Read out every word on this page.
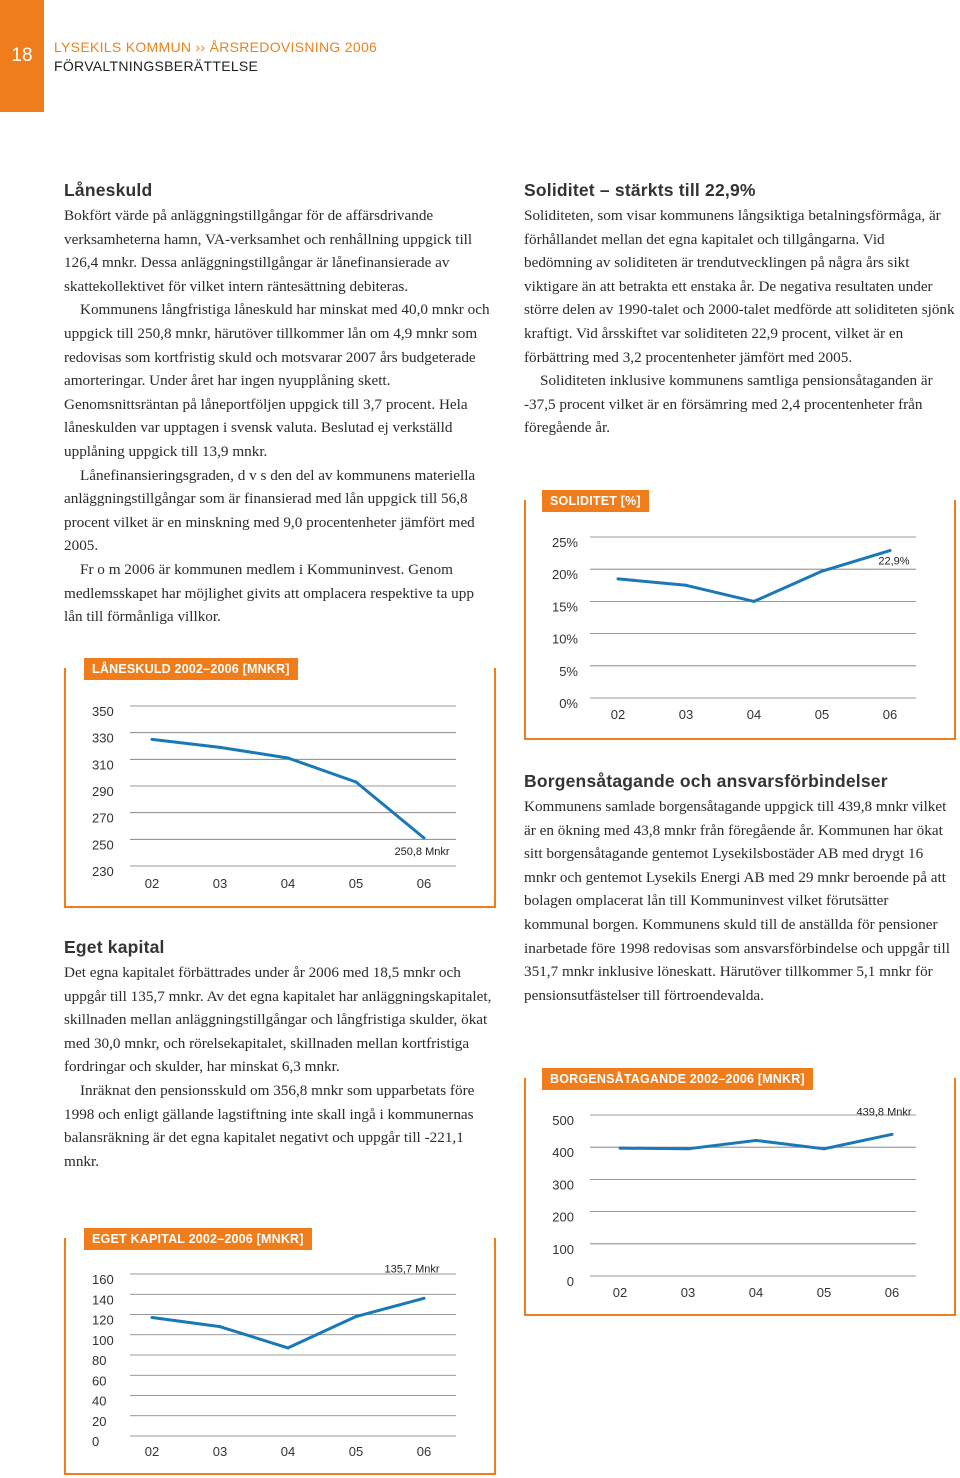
18	LYSEKILS KOMMUN ›› ÅRSREDOVISNING 2006
FÖRVALTNINGSBERÄTTELSE
Låneskuld

Bokfört värde på anläggningstillgångar för de affärsdrivande verksamheterna hamn, VA-verksamhet och renhållning uppgick till 126,4 mnkr. Dessa anläggningstillgångar är lånefinansierade av skattekollektivet för vilket intern räntesättning debiteras.

Kommunens långfristiga låneskuld har minskat med 40,0 mnkr och uppgick till 250,8 mnkr, härutöver tillkommer lån om 4,9 mnkr som redovisas som kortfristig skuld och motsvarar 2007 års budgeterade amorteringar. Under året har ingen nyupplåning skett. Genomsnittsräntan på låneportföljen uppgick till 3,7 procent. Hela låneskulden var upptagen i svensk valuta. Beslutad ej verkställd upplåning uppgick till 13,9 mnkr.

Lånefinansieringsgraden, d v s den del av kommunens materiella anläggningstillgångar som är finansierad med lån uppgick till 56,8 procent vilket är en minskning med 9,0 procentenheter jämfört med 2005.

Fr o m 2006 är kommunen medlem i Kommuninvest. Genom medlemsskapet har möjlighet givits att omplacera respektive ta upp lån till förmånliga villkor.

350
330
310
290
270
250
230
02	03	04	05	06
250,8 Mnkr
LÅNESKULD 2002–2006 [MNKR]
Eget kapital

Det egna kapitalet förbättrades under år 2006 med 18,5 mnkr och uppgår till 135,7 mnkr. Av det egna kapitalet har anläggningskapitalet, skillnaden mellan anläggningstillgångar och långfristiga skulder, ökat med 30,0 mnkr, och rörelsekapitalet, skillnaden mellan kortfristiga fordringar och skulder, har minskat 6,3 mnkr.

Inräknat den pensionsskuld om 356,8 mnkr som upparbetats före 1998 och enligt gällande lagstiftning inte skall ingå i kommunernas balansräkning är det egna kapitalet negativt och uppgår till -221,1 mnkr.

160
140
120
100
80
60
40
20
0
02	03	04	05	06
135,7 Mnkr
EGET KAPITAL 2002–2006 [MNKR]
Soliditet – stärkts till 22,9%

Soliditeten, som visar kommunens långsiktiga betalningsförmåga, är förhållandet mellan det egna kapitalet och tillgångarna. Vid bedömning av soliditeten är trendutvecklingen på några års sikt viktigare än att betrakta ett enstaka år. De negativa resultaten under större delen av 1990-talet och 2000-talet medförde att soliditeten sjönk kraftigt. Vid årsskiftet var soliditeten 22,9 procent, vilket är en förbättring med 3,2 procentenheter jämfört med 2005.

Soliditeten inklusive kommunens samtliga pensionsåtaganden är -37,5 procent vilket är en försämring med 2,4 procentenheter från föregående år.

25%
20%
15%
10%
5%
0%
02	03	04	05	06
22,9%
SOLIDITET [%]
Borgensåtagande och ansvarsförbindelser

Kommunens samlade borgensåtagande uppgick till 439,8 mnkr vilket är en ökning med 43,8 mnkr från föregående år. Kommunen har ökat sitt borgensåtagande gentemot Lysekilsbostäder AB med drygt 16 mnkr och gentemot Lysekils Energi AB med 29 mnkr beroende på att bolagen omplacerat lån till Kommuninvest vilket förutsätter kommunal borgen. Kommunens skuld till de anställda för pensioner inarbetade före 1998 redovisas som ansvarsförbindelse och uppgår till 351,7 mnkr inklusive löneskatt. Härutöver tillkommer 5,1 mnkr för pensionsutfästelser till förtroendevalda.

500
400
300
200
100
0
02	03	04	05	06
439,8 Mnkr
BORGENSÅTAGANDE 2002–2006 [MNKR]
